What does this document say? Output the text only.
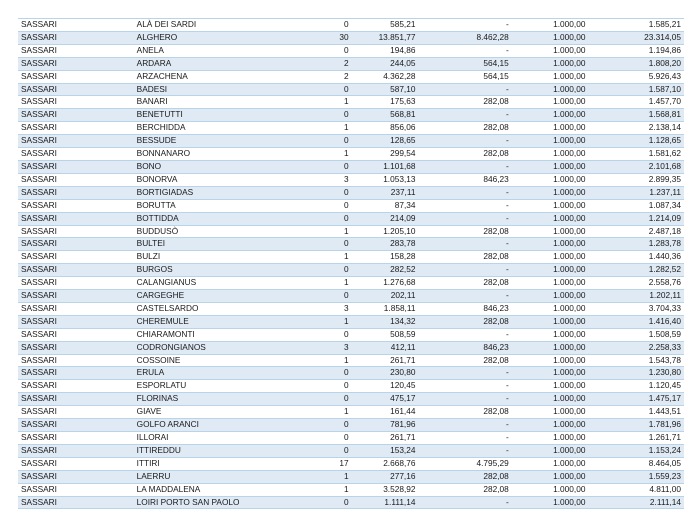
SASSARI	ALÀ DEI SARDI	0	585,21	-	1.000,00	1.585,21
SASSARI	ALGHERO	30	13.851,77	8.462,28	1.000,00	23.314,05
SASSARI	ANELA	0	194,86	-	1.000,00	1.194,86
SASSARI	ARDARA	2	244,05	564,15	1.000,00	1.808,20
SASSARI	ARZACHENA	2	4.362,28	564,15	1.000,00	5.926,43
SASSARI	BADESI	0	587,10	-	1.000,00	1.587,10
SASSARI	BANARI	1	175,63	282,08	1.000,00	1.457,70
SASSARI	BENETUTTI	0	568,81	-	1.000,00	1.568,81
SASSARI	BERCHIDDA	1	856,06	282,08	1.000,00	2.138,14
SASSARI	BESSUDE	0	128,65	-	1.000,00	1.128,65
SASSARI	BONNANARO	1	299,54	282,08	1.000,00	1.581,62
SASSARI	BONO	0	1.101,68	-	1.000,00	2.101,68
SASSARI	BONORVA	3	1.053,13	846,23	1.000,00	2.899,35
SASSARI	BORTIGIADAS	0	237,11	-	1.000,00	1.237,11
SASSARI	BORUTTA	0	87,34	-	1.000,00	1.087,34
SASSARI	BOTTIDDA	0	214,09	-	1.000,00	1.214,09
SASSARI	BUDDUSÒ	1	1.205,10	282,08	1.000,00	2.487,18
SASSARI	BULTEI	0	283,78	-	1.000,00	1.283,78
SASSARI	BULZI	1	158,28	282,08	1.000,00	1.440,36
SASSARI	BURGOS	0	282,52	-	1.000,00	1.282,52
SASSARI	CALANGIANUS	1	1.276,68	282,08	1.000,00	2.558,76
SASSARI	CARGEGHE	0	202,11	-	1.000,00	1.202,11
SASSARI	CASTELSARDO	3	1.858,11	846,23	1.000,00	3.704,33
SASSARI	CHEREMULE	1	134,32	282,08	1.000,00	1.416,40
SASSARI	CHIARAMONTI	0	508,59	-	1.000,00	1.508,59
SASSARI	CODRONGIANOS	3	412,11	846,23	1.000,00	2.258,33
SASSARI	COSSOINE	1	261,71	282,08	1.000,00	1.543,78
SASSARI	ERULA	0	230,80	-	1.000,00	1.230,80
SASSARI	ESPORLATU	0	120,45	-	1.000,00	1.120,45
SASSARI	FLORINAS	0	475,17	-	1.000,00	1.475,17
SASSARI	GIAVE	1	161,44	282,08	1.000,00	1.443,51
SASSARI	GOLFO ARANCI	0	781,96	-	1.000,00	1.781,96
SASSARI	ILLORAI	0	261,71	-	1.000,00	1.261,71
SASSARI	ITTIREDDU	0	153,24	-	1.000,00	1.153,24
SASSARI	ITTIRI	17	2.668,76	4.795,29	1.000,00	8.464,05
SASSARI	LAERRU	1	277,16	282,08	1.000,00	1.559,23
SASSARI	LA MADDALENA	1	3.528,92	282,08	1.000,00	4.811,00
SASSARI	LOIRI PORTO SAN PAOLO	0	1.111,14	-	1.000,00	2.111,14
